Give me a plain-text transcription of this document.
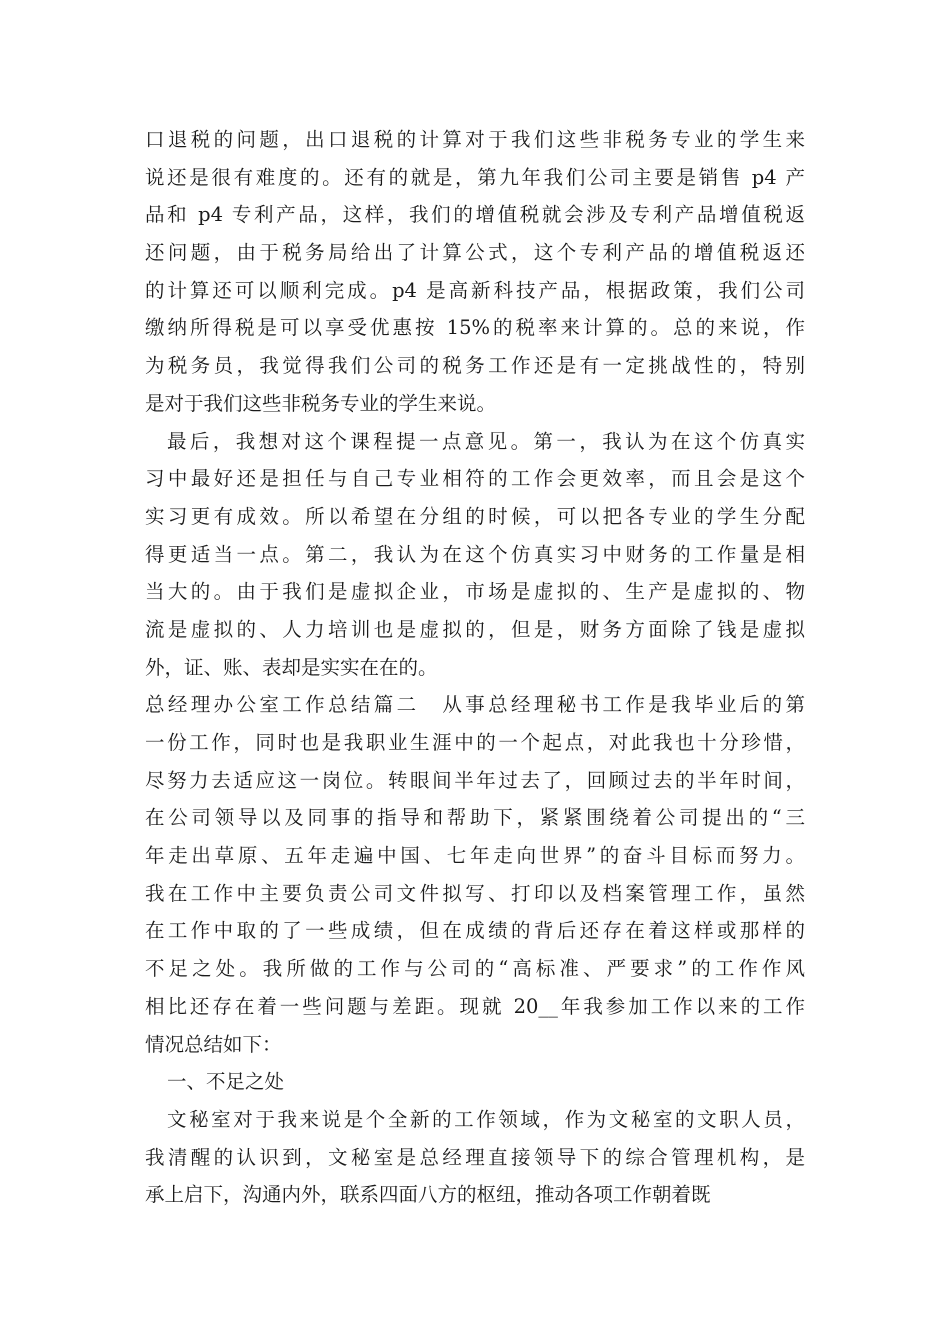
口退税的问题，出口退税的计算对于我们这些非税务专业的学生来
说还是很有难度的。还有的就是，第九年我们公司主要是销售 p4 产
品和 p4 专利产品，这样，我们的增值税就会涉及专利产品增值税返
还问题，由于税务局给出了计算公式，这个专利产品的增值税返还
的计算还可以顺利完成。p4 是高新科技产品，根据政策，我们公司
缴纳所得税是可以享受优惠按 15%的税率来计算的。总的来说，作
为税务员，我觉得我们公司的税务工作还是有一定挑战性的，特别
是对于我们这些非税务专业的学生来说。
最后，我想对这个课程提一点意见。第一，我认为在这个仿真实
习中最好还是担任与自己专业相符的工作会更效率，而且会是这个
实习更有成效。所以希望在分组的时候，可以把各专业的学生分配
得更适当一点。第二，我认为在这个仿真实习中财务的工作量是相
当大的。由于我们是虚拟企业，市场是虚拟的、生产是虚拟的、物
流是虚拟的、人力培训也是虚拟的，但是，财务方面除了钱是虚拟
外，证、账、表却是实实在在的。
总经理办公室工作总结篇二　从事总经理秘书工作是我毕业后的第
一份工作，同时也是我职业生涯中的一个起点，对此我也十分珍惜，
尽努力去适应这一岗位。转眼间半年过去了，回顾过去的半年时间，
在公司领导以及同事的指导和帮助下，紧紧围绕着公司提出的“三
年走出草原、五年走遍中国、七年走向世界”的奋斗目标而努力。
我在工作中主要负责公司文件拟写、打印以及档案管理工作，虽然
在工作中取的了一些成绩，但在成绩的背后还存在着这样或那样的
不足之处。我所做的工作与公司的“高标准、严要求”的工作作风
相比还存在着一些问题与差距。现就 20__年我参加工作以来的工作
情况总结如下：
一、不足之处
文秘室对于我来说是个全新的工作领域，作为文秘室的文职人员，
我清醒的认识到，文秘室是总经理直接领导下的综合管理机构，是
承上启下，沟通内外，联系四面八方的枢纽，推动各项工作朝着既
